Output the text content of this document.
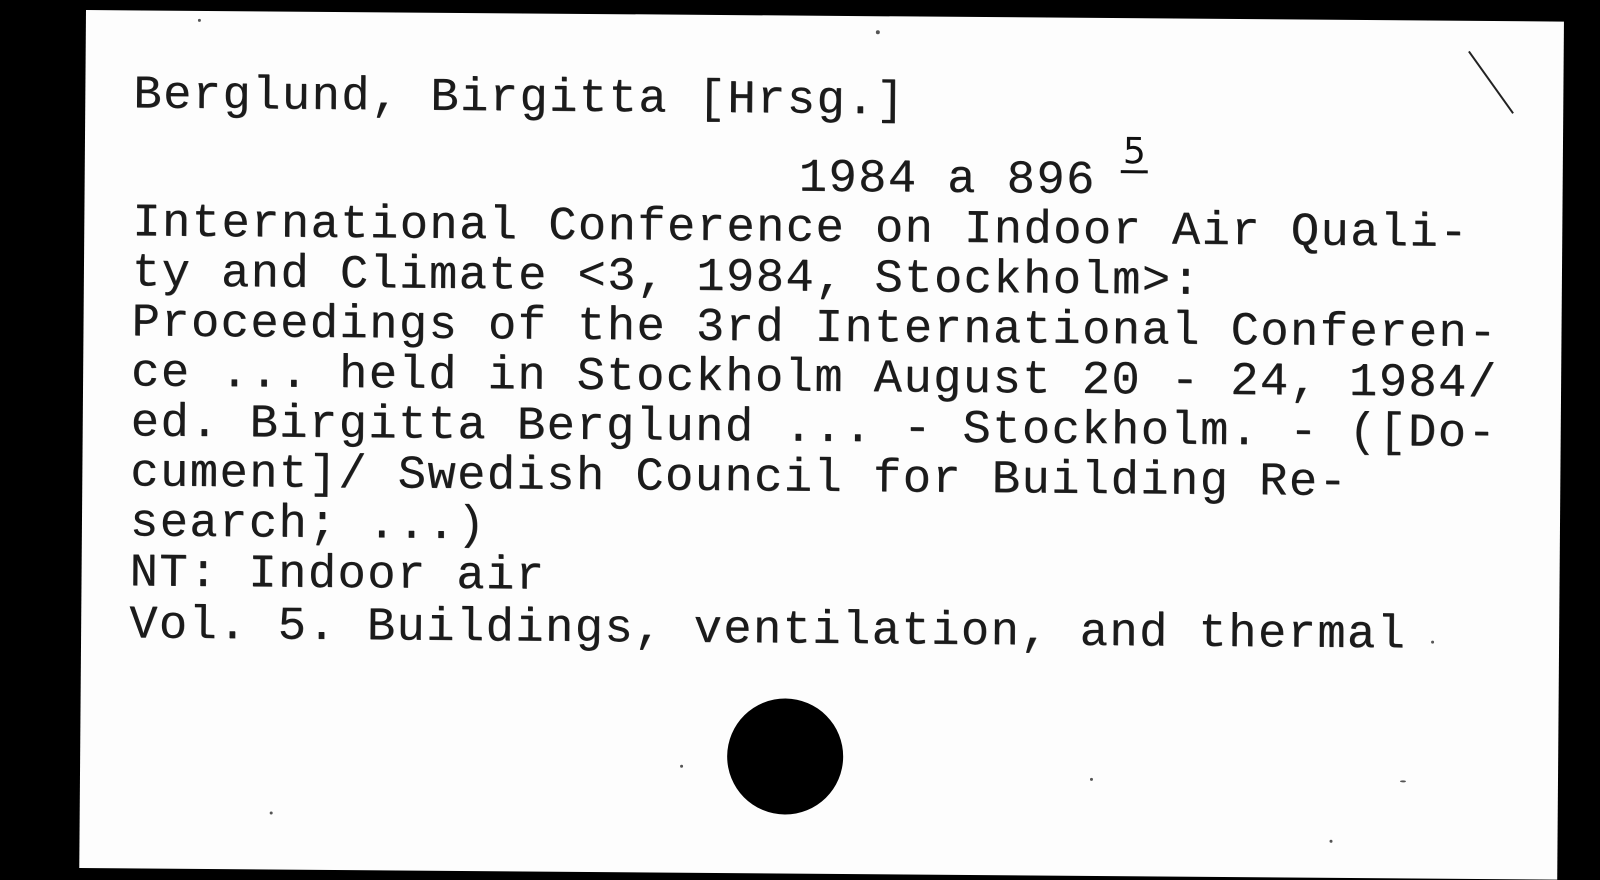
Berglund, Birgitta [Hrsg.]
1984 a 896
5
International Conference on Indoor Air Quali-
ty and Climate <3, 1984, Stockholm>:
Proceedings of the 3rd International Conferen-
ce ... held in Stockholm August 20 - 24, 1984/
ed. Birgitta Berglund ... - Stockholm. - ([Do-
cument]/ Swedish Council for Building Re-
search; ...)
NT: Indoor air
Vol. 5. Buildings, ventilation, and thermal
